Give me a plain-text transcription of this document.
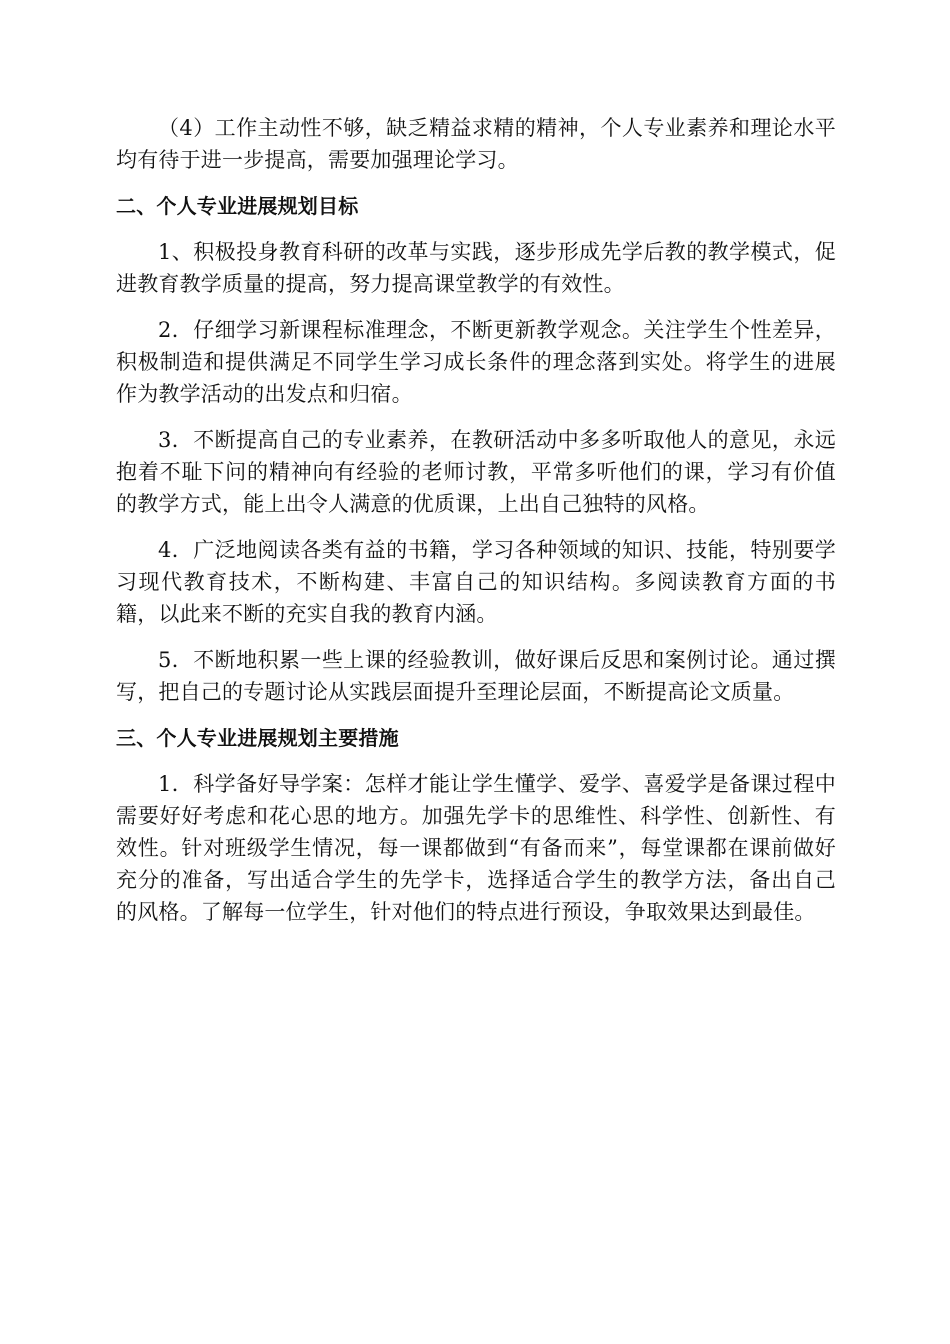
（4）工作主动性不够，缺乏精益求精的精神，个人专业素养和理论水平均有待于进一步提高，需要加强理论学习。

二、个人专业进展规划目标

1、积极投身教育科研的改革与实践，逐步形成先学后教的教学模式，促进教育教学质量的提高，努力提高课堂教学的有效性。

2．仔细学习新课程标准理念，不断更新教学观念。关注学生个性差异，积极制造和提供满足不同学生学习成长条件的理念落到实处。将学生的进展作为教学活动的出发点和归宿。

3．不断提高自己的专业素养，在教研活动中多多听取他人的意见，永远抱着不耻下问的精神向有经验的老师讨教，平常多听他们的课，学习有价值的教学方式，能上出令人满意的优质课，上出自己独特的风格。

4．广泛地阅读各类有益的书籍，学习各种领域的知识、技能，特别要学习现代教育技术，不断构建、丰富自己的知识结构。多阅读教育方面的书籍，以此来不断的充实自我的教育内涵。

5．不断地积累一些上课的经验教训，做好课后反思和案例讨论。通过撰写，把自己的专题讨论从实践层面提升至理论层面，不断提高论文质量。

三、个人专业进展规划主要措施

1．科学备好导学案：怎样才能让学生懂学、爱学、喜爱学是备课过程中需要好好考虑和花心思的地方。加强先学卡的思维性、科学性、创新性、有效性。针对班级学生情况，每一课都做到“有备而来”，每堂课都在课前做好充分的准备，写出适合学生的先学卡，选择适合学生的教学方法，备出自己的风格。了解每一位学生，针对他们的特点进行预设，争取效果达到最佳。
